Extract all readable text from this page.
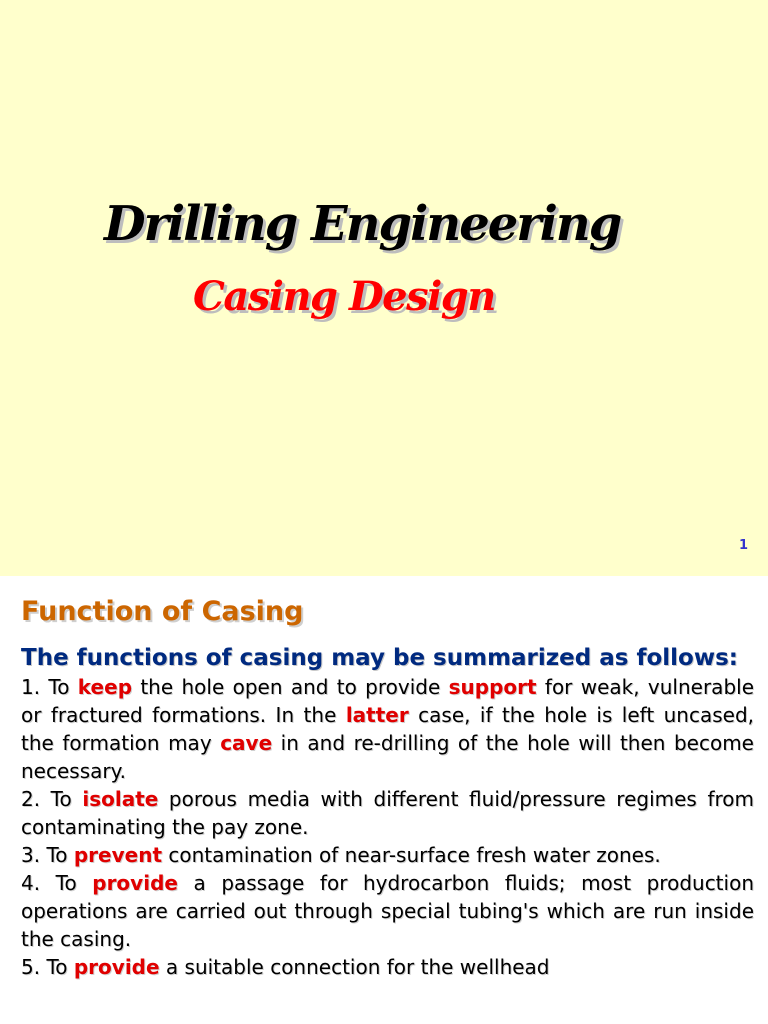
Drilling Engineering
Casing Design
1
Function of Casing

The functions of casing may be summarized as follows:

1. To keep the hole open and to provide support for weak, vulnerable or fractured formations. In the latter case, if the hole is left uncased, the formation may cave in and re-drilling of the hole will then become necessary.

2. To isolate porous media with different fluid/pressure regimes from contaminating the pay zone.

3. To prevent contamination of near-surface fresh water zones.

4. To provide a passage for hydrocarbon fluids; most production operations are carried out through special tubing's which are run inside the casing.

5. To provide a suitable connection for the wellhead
